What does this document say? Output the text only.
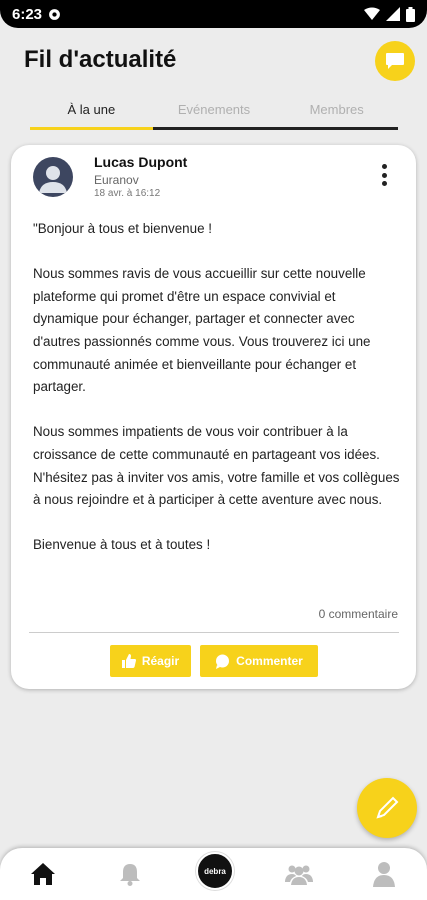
6:23
Fil d'actualité
À la une	Evénements	Membres
Lucas Dupont
Euranov
18 avr. à 16:12

"Bonjour à tous et bienvenue !

Nous sommes ravis de vous accueillir sur cette nouvelle plateforme qui promet d'être un espace convivial et dynamique pour échanger, partager et connecter avec d'autres passionnés comme vous. Vous trouverez ici une communauté animée et bienveillante pour échanger et partager.

Nous sommes impatients de vous voir contribuer à la croissance de cette communauté en partageant vos idées. N'hésitez pas à inviter vos amis, votre famille et vos collègues à nous rejoindre et à participer à cette aventure avec nous.

Bienvenue à tous et à toutes !

0 commentaire
Réagir	Commenter
debra
